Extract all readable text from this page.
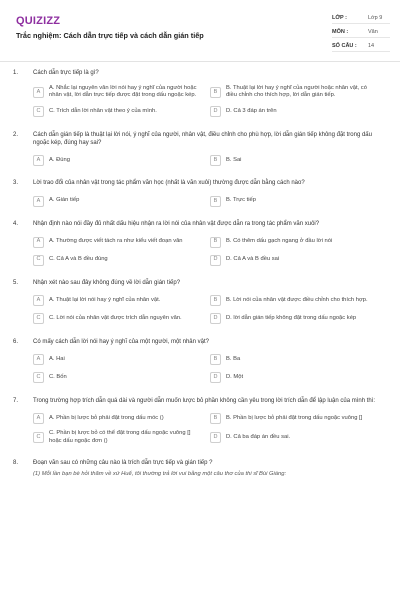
QUIZIZZ
Trắc nghiệm: Cách dẫn trực tiếp và cách dẫn gián tiếp
LỚP :	Lớp 9
MÔN :	Văn
SỐ CÂU : 14
1. Cách dẫn trực tiếp là gì?
A
A. Nhắc lại nguyên văn lời nói hay ý nghĩ của người hoặc nhân vật, lời dẫn trực tiếp được đặt trong dấu ngoặc kép.
B
B. Thuật lại lời hay ý nghĩ của người hoặc nhân vật, có điều chỉnh cho thích hợp, lời dẫn gián tiếp.
C	C. Trích dẫn lời nhân vật theo ý của mình.	D	D. Cả 3 đáp án trên
2. Cách dẫn gián tiếp là thuật lại lời nói, ý nghĩ của người, nhân vật, điều chỉnh cho phù hợp, lời dẫn gián tiếp không đặt trong dấu ngoặc kép, đúng hay sai?
A	A. Đúng	B	B. Sai
3. Lời trao đổi của nhân vật trong tác phẩm văn học (nhất là văn xuôi) thường được dẫn bằng cách nào?
A	A. Gián tiếp	B	B. Trực tiếp
4. Nhận định nào nói đầy đủ nhất dấu hiệu nhận ra lời nói của nhân vật được dẫn ra trong tác phẩm văn xuôi?
A	A. Thường được viết tách ra như kiểu viết đoạn văn	B	B. Có thêm dấu gạch ngang ở đầu lời nói
C	C. Cả A và B đều đúng	D	D. Cả A và B đều sai
5. Nhận xét nào sau đây không đúng về lời dẫn gián tiếp?
A	A. Thuật lại lời nói hay ý nghĩ của nhân vật.	B	B. Lời nói của nhân vật được điều chỉnh cho thích hợp.
C	C. Lời nói của nhân vật được trích dẫn nguyên văn.	D	D. lời dẫn gián tiếp không đặt trong dấu ngoặc kép
6. Có mấy cách dẫn lời nói hay ý nghĩ của một người, một nhân vật?
A	A. Hai	B	B. Ba
C	C. Bốn	D	D. Một
7. Trong trường hợp trích dẫn quá dài và người dẫn muốn lược bỏ phần không cần yêu trong lời trích dẫn để lập luận của mình thì:
A	A. Phần bị lược bỏ phải đặt trong dấu móc ()	B	B. Phần bị lược bỏ phải đặt trong dấu ngoặc vuông []
C
C. Phần bị lược bỏ có thể đặt trong dấu ngoặc vuông [] hoặc dấu ngoặc đơn ()
D	D. Cả ba đáp án đều sai.
8. Đoạn văn sau có những câu nào là trích dẫn trực tiếp và gián tiếp ?
(1) Mỗi lần bạn bè hỏi thăm về xứ Huế, tôi thường trả lời vui bằng một câu thơ của thi sĩ Bùi Giáng:
